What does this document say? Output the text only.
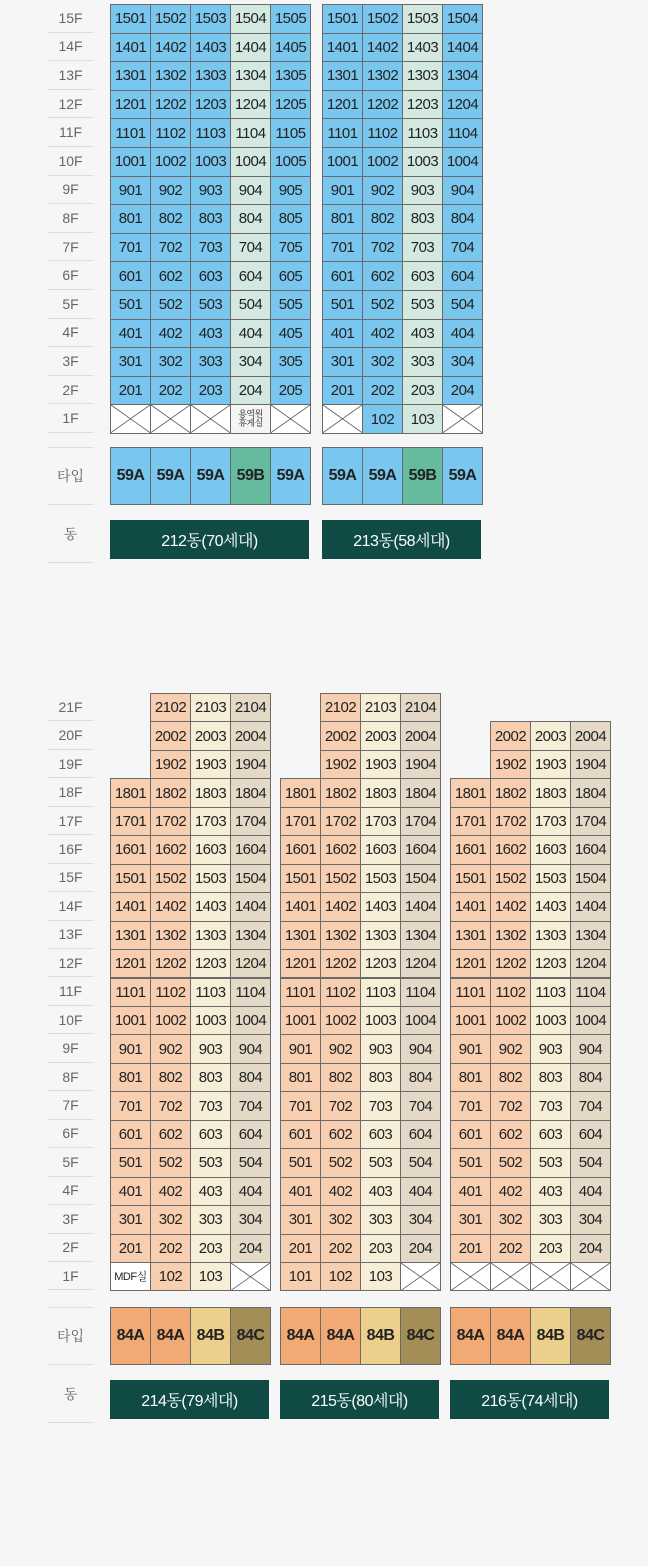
15F
14F
13F
12F
11F
10F
9F
8F
7F
6F
5F
4F
3F
2F
1F
타입
동
1501
1401
1301
1201
1101
1001
901
801
701
601
501
401
301
201
59A
1502
1402
1302
1202
1102
1002
902
802
702
602
502
402
302
202
59A
1503
1403
1303
1203
1103
1003
903
803
703
603
503
403
303
203
59A
1504
1404
1304
1204
1104
1004
904
804
704
604
504
404
304
204
용역원
휴게실
59B
1505
1405
1305
1205
1105
1005
905
805
705
605
505
405
305
205
59A
212동(70세대)
1501
1401
1301
1201
1101
1001
901
801
701
601
501
401
301
201
59A
1502
1402
1302
1202
1102
1002
902
802
702
602
502
402
302
202
102
59A
1503
1403
1303
1203
1103
1003
903
803
703
603
503
403
303
203
103
59B
1504
1404
1304
1204
1104
1004
904
804
704
604
504
404
304
204
59A
213동(58세대)
21F
20F
19F
18F
17F
16F
15F
14F
13F
12F
11F
10F
9F
8F
7F
6F
5F
4F
3F
2F
1F
타입
동
1801
1701
1601
1501
1401
1301
1201
1101
1001
901
801
701
601
501
401
301
201
MDF실
84A
2102
2002
1902
1802
1702
1602
1502
1402
1302
1202
1102
1002
902
802
702
602
502
402
302
202
102
84A
2103
2003
1903
1803
1703
1603
1503
1403
1303
1203
1103
1003
903
803
703
603
503
403
303
203
103
84B
2104
2004
1904
1804
1704
1604
1504
1404
1304
1204
1104
1004
904
804
704
604
504
404
304
204
84C
214동(79세대)
1801
1701
1601
1501
1401
1301
1201
1101
1001
901
801
701
601
501
401
301
201
101
84A
2102
2002
1902
1802
1702
1602
1502
1402
1302
1202
1102
1002
902
802
702
602
502
402
302
202
102
84A
2103
2003
1903
1803
1703
1603
1503
1403
1303
1203
1103
1003
903
803
703
603
503
403
303
203
103
84B
2104
2004
1904
1804
1704
1604
1504
1404
1304
1204
1104
1004
904
804
704
604
504
404
304
204
84C
215동(80세대)
1801
1701
1601
1501
1401
1301
1201
1101
1001
901
801
701
601
501
401
301
201
84A
2002
1902
1802
1702
1602
1502
1402
1302
1202
1102
1002
902
802
702
602
502
402
302
202
84A
2003
1903
1803
1703
1603
1503
1403
1303
1203
1103
1003
903
803
703
603
503
403
303
203
84B
2004
1904
1804
1704
1604
1504
1404
1304
1204
1104
1004
904
804
704
604
504
404
304
204
84C
216동(74세대)
